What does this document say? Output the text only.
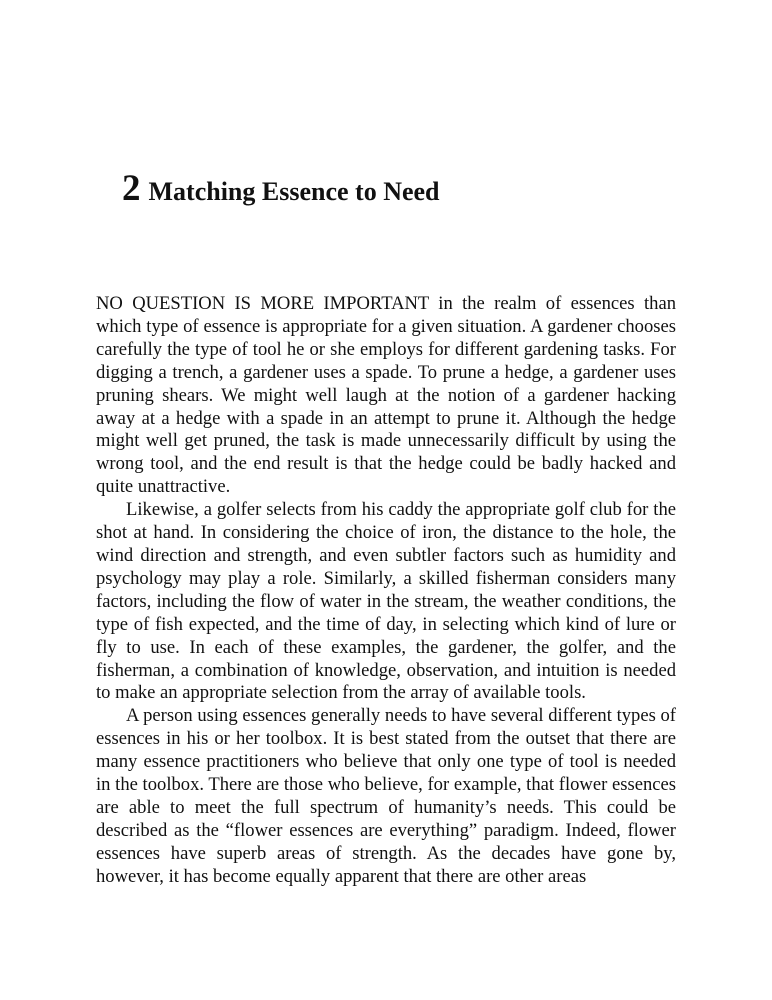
2 Matching Essence to Need

NO QUESTION IS MORE IMPORTANT in the realm of essences than which type of essence is appropriate for a given situation. A gardener chooses carefully the type of tool he or she employs for different gardening tasks. For digging a trench, a gardener uses a spade. To prune a hedge, a gardener uses pruning shears. We might well laugh at the notion of a gardener hacking away at a hedge with a spade in an attempt to prune it. Although the hedge might well get pruned, the task is made unnecessarily difficult by using the wrong tool, and the end result is that the hedge could be badly hacked and quite unattractive.

Likewise, a golfer selects from his caddy the appropriate golf club for the shot at hand. In considering the choice of iron, the distance to the hole, the wind direction and strength, and even subtler factors such as humidity and psychology may play a role. Similarly, a skilled fisherman considers many factors, including the flow of water in the stream, the weather conditions, the type of fish expected, and the time of day, in selecting which kind of lure or fly to use. In each of these examples, the gardener, the golfer, and the fisherman, a combination of knowledge, observation, and intuition is needed to make an appropriate selection from the array of available tools.

A person using essences generally needs to have several different types of essences in his or her toolbox. It is best stated from the outset that there are many essence practitioners who believe that only one type of tool is needed in the toolbox. There are those who believe, for example, that flower essences are able to meet the full spectrum of humanity’s needs. This could be described as the “flower essences are everything” paradigm. Indeed, flower essences have superb areas of strength. As the decades have gone by, however, it has become equally apparent that there are other areas
